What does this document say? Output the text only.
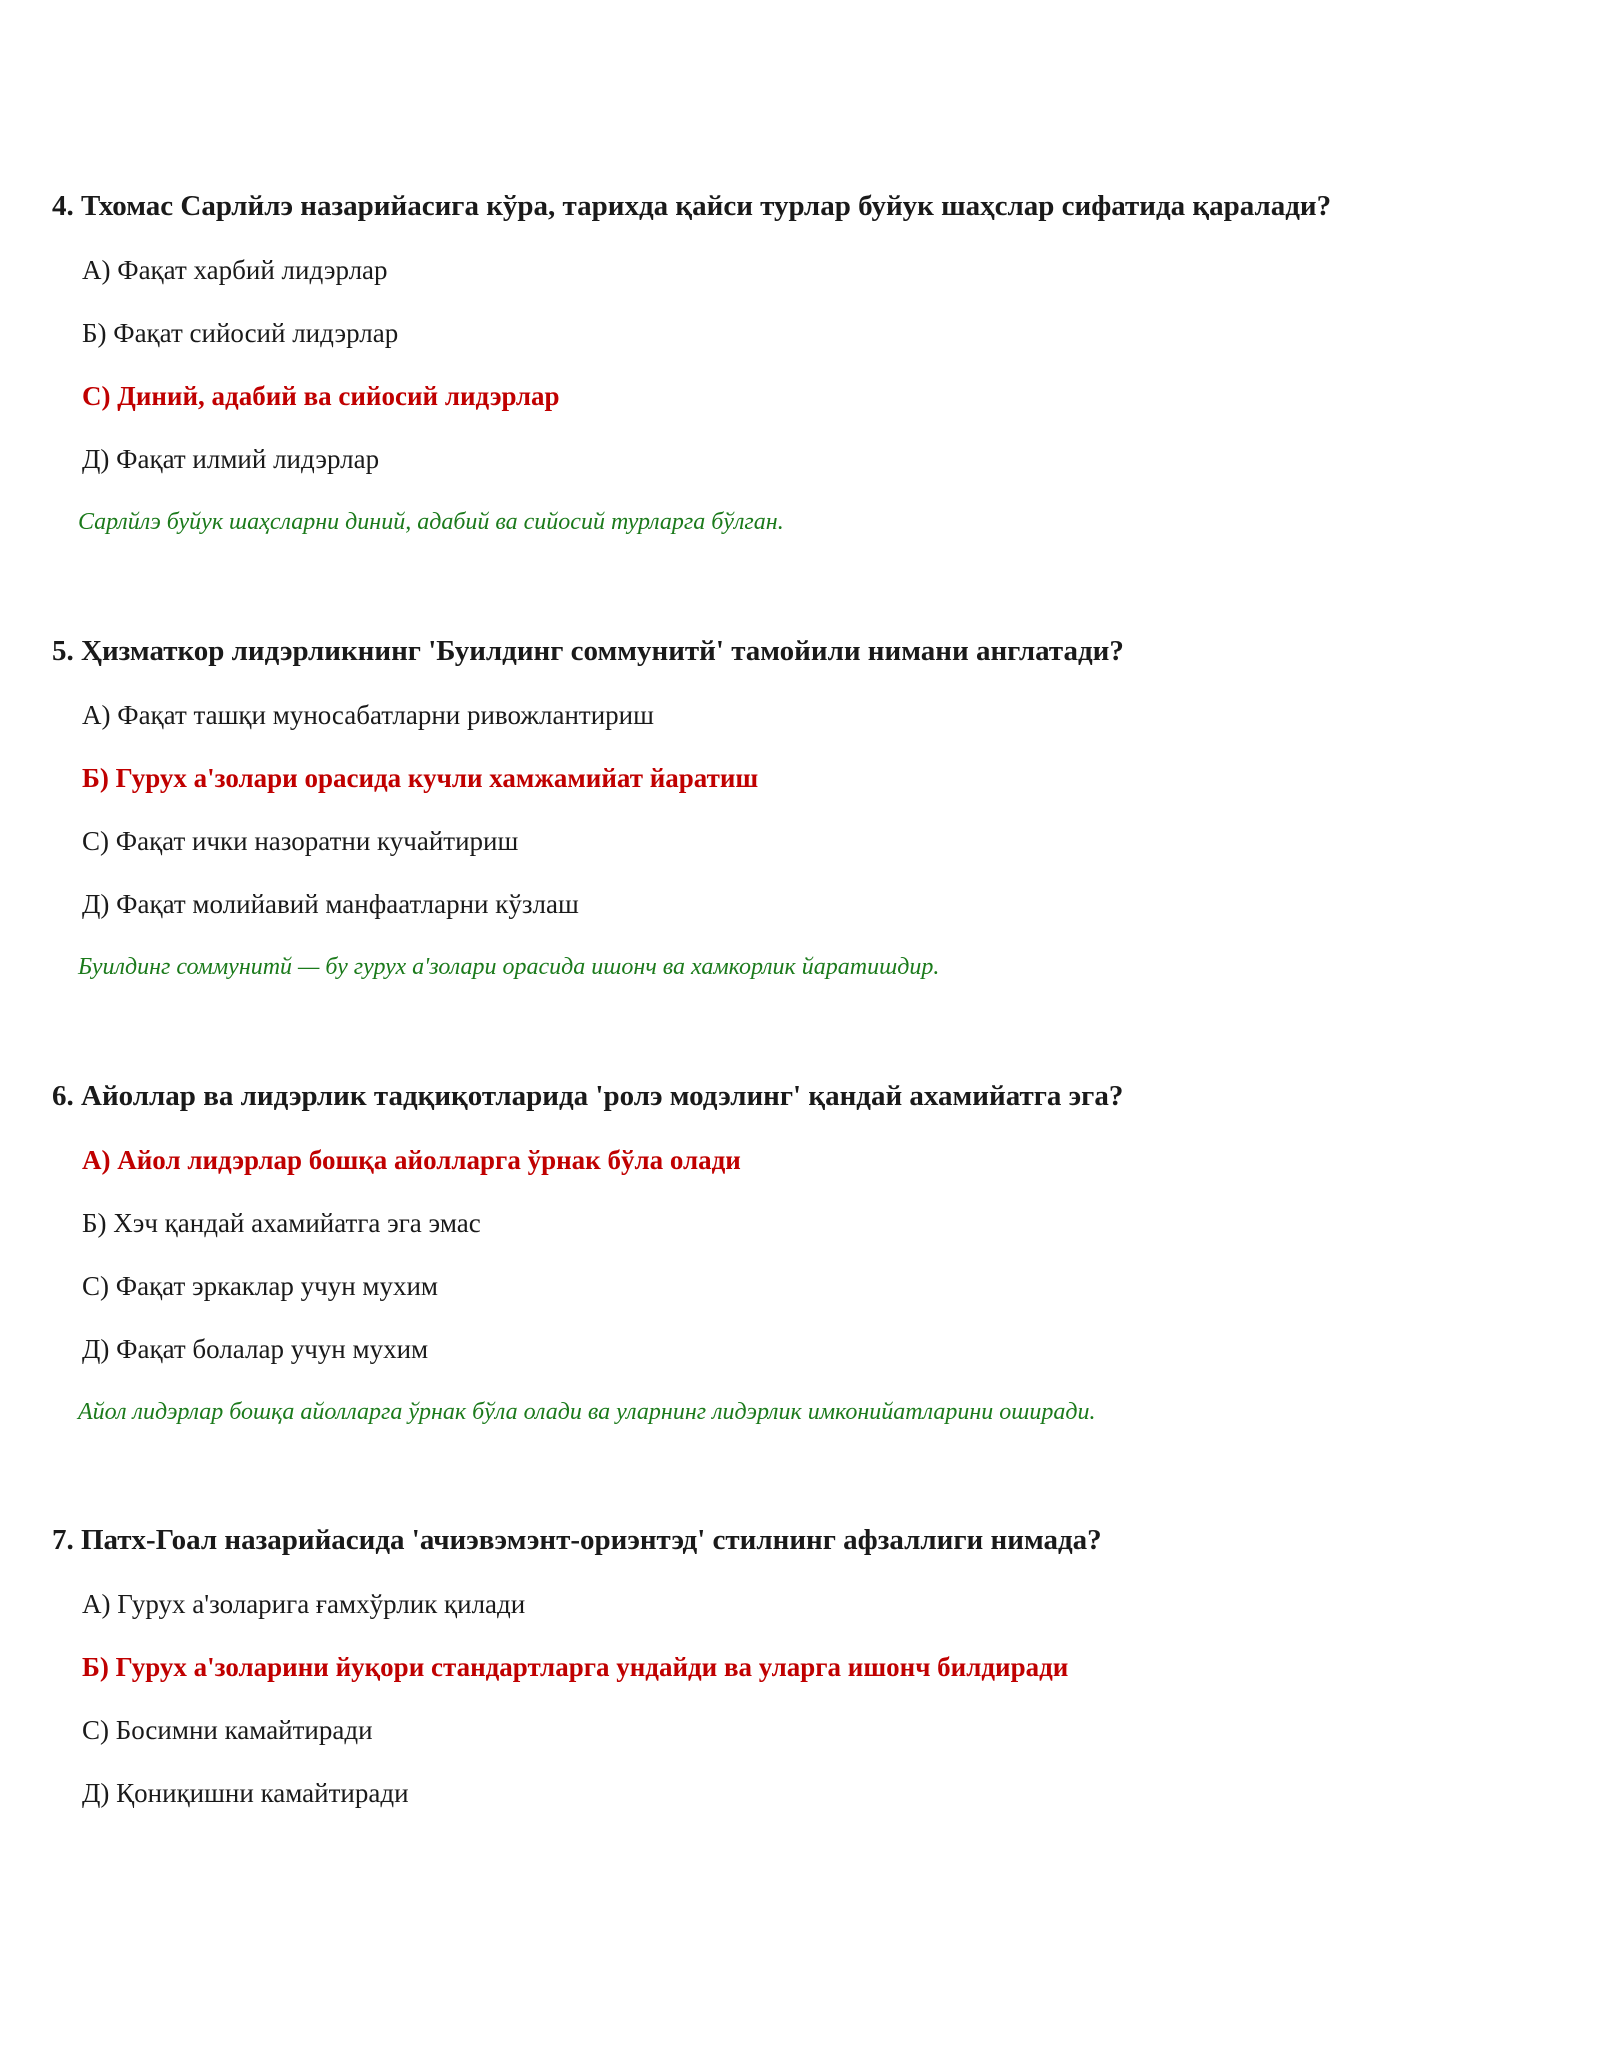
4. Тхомас Сарлйлэ назарийасига кўра, тарихда қайси турлар буйук шаҳслар сифатида қаралади?
A) Фақат харбий лидэрлар
Б) Фақат сийосий лидэрлар
C) Диний, адабий ва сийосий лидэрлар
Д) Фақат илмий лидэрлар
Сарлйлэ буйук шаҳсларни диний, адабий ва сийосий турларга бўлган.
5. Ҳизматкор лидэрликнинг 'Буилдинг соммунитй' тамойили нимани англатади?
A) Фақат ташқи муносабатларни ривожлантириш
Б) Гурух а'золари орасида кучли хамжамийат йаратиш
C) Фақат ички назоратни кучайтириш
Д) Фақат молийавий манфаатларни кўзлаш
Буилдинг соммунитй — бу гурух а'золари орасида ишонч ва хамкорлик йаратишдир.
6. Айоллар ва лидэрлик тадқиқотларида 'ролэ модэлинг' қандай ахамийатга эга?
A) Айол лидэрлар бошқа айолларга ўрнак бўла олади
Б) Хэч қандай ахамийатга эга эмас
C) Фақат эркаклар учун мухим
Д) Фақат болалар учун мухим
Айол лидэрлар бошқа айолларга ўрнак бўла олади ва уларнинг лидэрлик имконийатларини оширади.
7. Патх-Гоал назарийасида 'ачиэвэмэнт-ориэнтэд' стилнинг афзаллиги нимада?
A) Гурух а'золарига ғамхўрлик қилади
Б) Гурух а'золарини йуқори стандартларга ундайди ва уларга ишонч билдиради
C) Босимни камайтиради
Д) Қониқишни камайтиради
